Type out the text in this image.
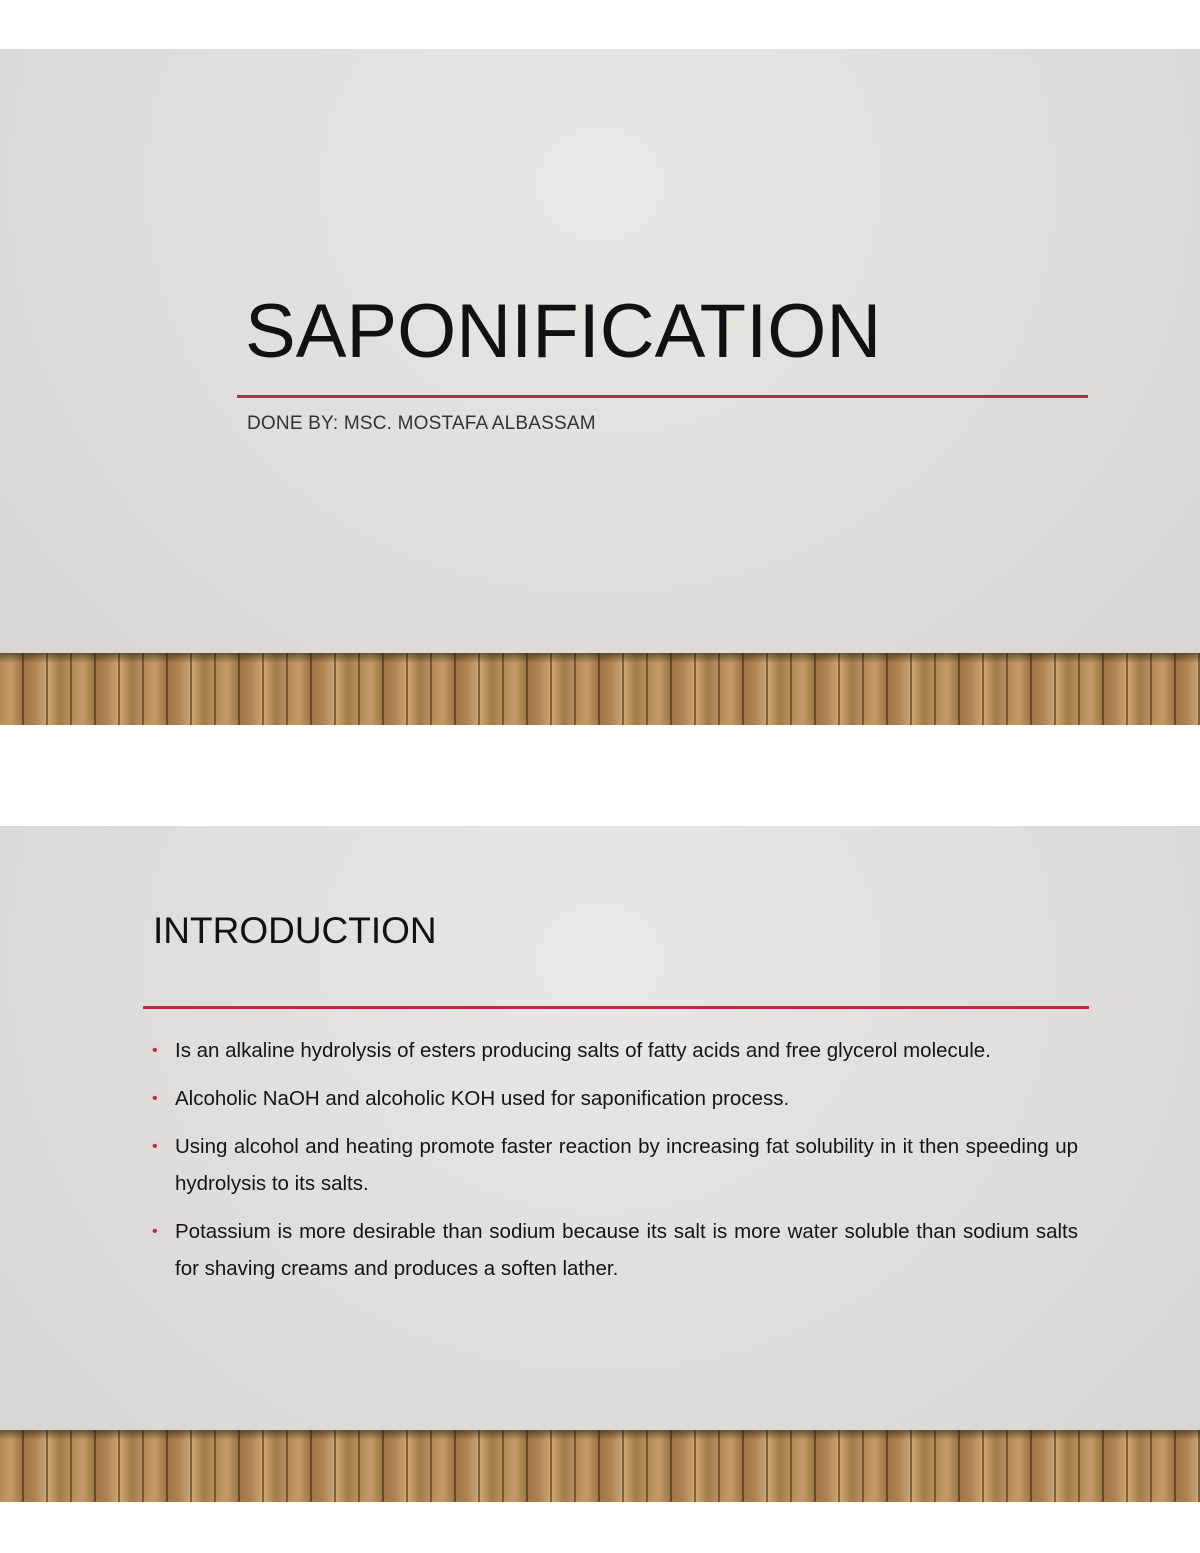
SAPONIFICATION

DONE BY: MSC. MOSTAFA ALBASSAM

INTRODUCTION
• Is an alkaline hydrolysis of esters producing salts of fatty acids and free glycerol molecule.
• Alcoholic NaOH and alcoholic KOH used for saponification process.
• Using alcohol and heating promote faster reaction by increasing fat solubility in it then speeding up hydrolysis to its salts.
• Potassium is more desirable than sodium because its salt is more water soluble than sodium salts for shaving creams and produces a soften lather.
